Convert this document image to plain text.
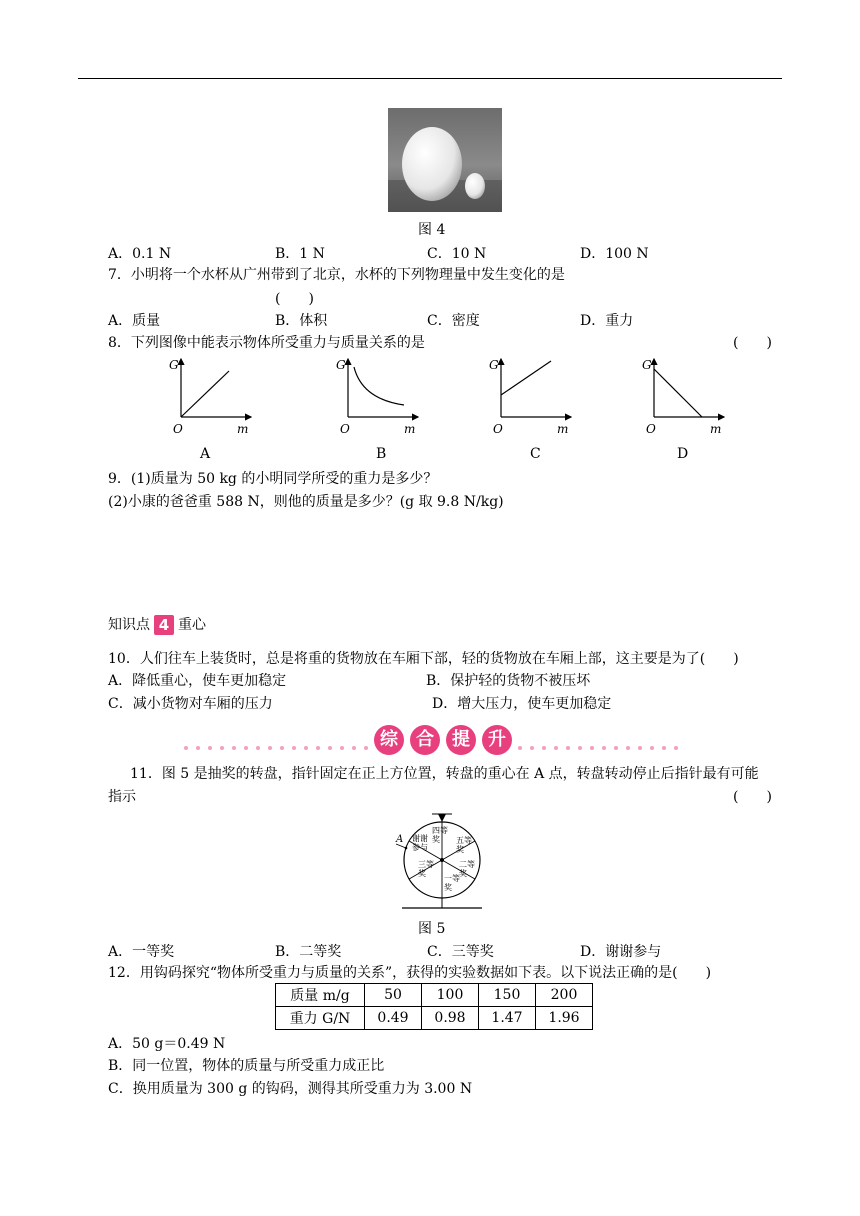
图 4
A．0.1 N	B．1 N	C．10 N	D．100 N
7．小明将一个水杯从广州带到了北京，水杯的下列物理量中发生变化的是
(　　)
A．质量	B．体积	C．密度	D．重力
8．下列图像中能表示物体所受重力与质量关系的是	(　　)
G
O	m
A
G
O	m
B
G
O	m
C
G
O	m
D
9．(1)质量为 50 kg 的小明同学所受的重力是多少？
(2)小康的爸爸重 588 N，则他的质量是多少？(g 取 9.8 N/kg)
知识点 4 重心
10．人们往车上装货时，总是将重的货物放在车厢下部，轻的货物放在车厢上部，这主要是为了(　　)
A．降低重心，使车更加稳定	B．保护轻的货物不被压坏
C．减小货物对车厢的压力	D．增大压力，使车更加稳定
综 合 提 升
11．图 5 是抽奖的转盘，指针固定在正上方位置，转盘的重心在 A 点，转盘转动停止后指针最有可能
指示	(　　)
A
四等奖	五等奖
二等奖
一等奖
三等奖
谢谢参与
图 5
A．一等奖	B．二等奖	C．三等奖	D．谢谢参与
12．用钩码探究“物体所受重力与质量的关系”，获得的实验数据如下表。以下说法正确的是(　　)
质量 m/g	50	100	150	200
重力 G/N	0.49	0.98	1.47	1.96
A．50 g＝0.49 N
B．同一位置，物体的质量与所受重力成正比
C．换用质量为 300 g 的钩码，测得其所受重力为 3.00 N
